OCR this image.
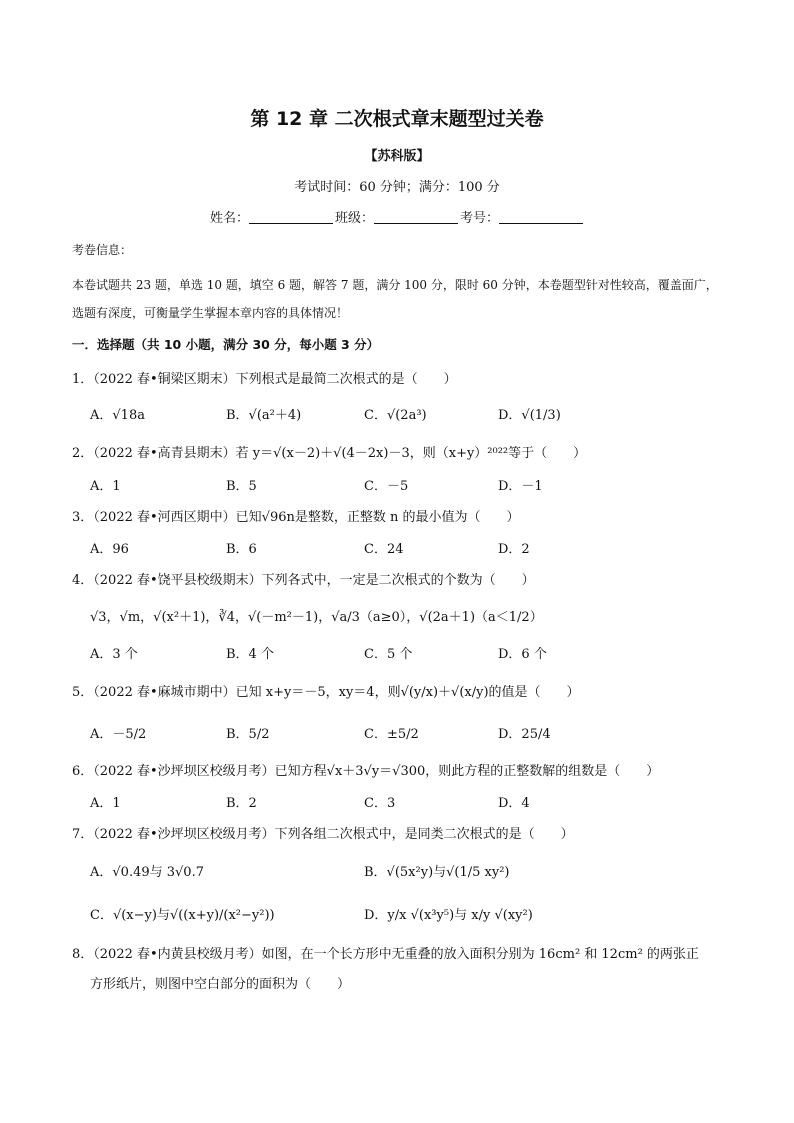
第 12 章 二次根式章末题型过关卷
【苏科版】
考试时间：60 分钟；满分：100 分
姓名：	班级：	考号：
考卷信息：
本卷试题共 23 题，单选 10 题，填空 6 题，解答 7 题，满分 100 分，限时 60 分钟，本卷题型针对性较高，覆盖面广，选题有深度，可衡量学生掌握本章内容的具体情况！
一．选择题（共 10 小题，满分 30 分，每小题 3 分）
1．（2022 春•铜梁区期末）下列根式是最简二次根式的是（　　）
A．√18a	B．√(a²＋4)	C．√(2a³)	D．√(1/3)
2．（2022 春•高青县期末）若 y＝√(x－2)＋√(4－2x)－3，则（x+y）²⁰²²等于（　　）
A．1	B．5	C．－5	D．－1
3．（2022 春•河西区期中）已知√96n是整数，正整数 n 的最小值为（　　）
A．96	B．6	C．24	D．2
4．（2022 春•饶平县校级期末）下列各式中，一定是二次根式的个数为（　　）
√3，√m，√(x²＋1)，∛4，√(－m²－1)，√a/3（a≥0），√(2a＋1)（a＜1/2）
A．3 个	B．4 个	C．5 个	D．6 个
5．（2022 春•麻城市期中）已知 x+y＝－5，xy＝4，则√(y/x)＋√(x/y)的值是（　　）
A．－5/2	B．5/2	C．±5/2	D．25/4
6．（2022 春•沙坪坝区校级月考）已知方程√x＋3√y＝√300，则此方程的正整数解的组数是（　　）
A．1	B．2	C．3	D．4
7．（2022 春•沙坪坝区校级月考）下列各组二次根式中，是同类二次根式的是（　　）
A．√0.49与 3√0.7	B．√(5x²y)与√(1/5 xy²)
C．√(x−y)与√((x+y)/(x²−y²))	D．y/x √(x³y⁵)与 x/y √(xy²)
8．（2022 春•内黄县校级月考）如图，在一个长方形中无重叠的放入面积分别为 16cm² 和 12cm² 的两张正
方形纸片，则图中空白部分的面积为（　　）
